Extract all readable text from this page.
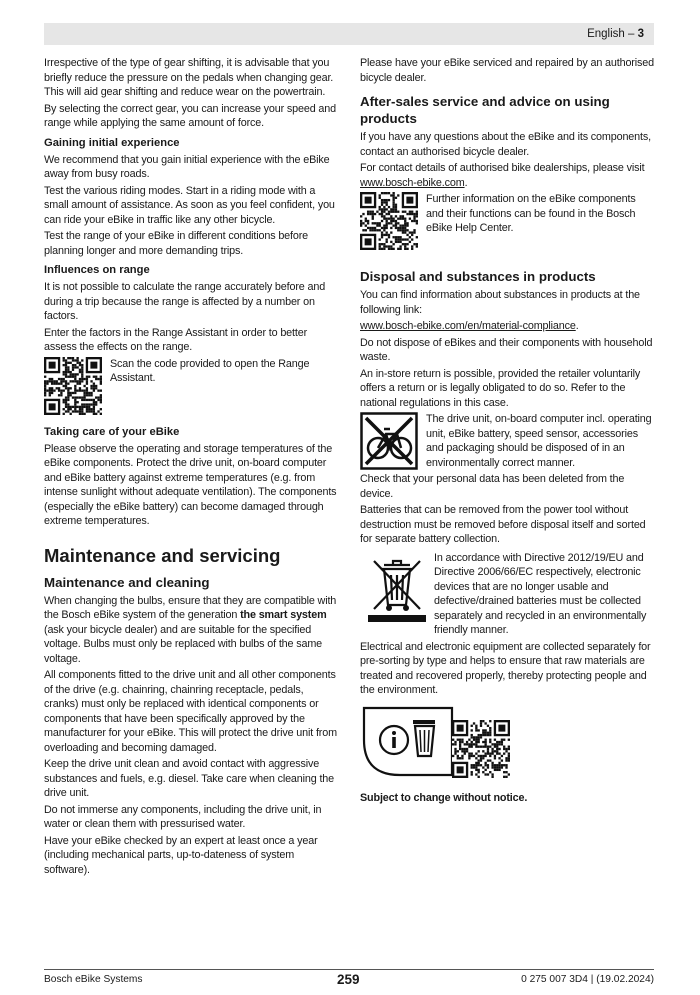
English – 3

Irrespective of the type of gear shifting, it is advisable that you briefly reduce the pressure on the pedals when changing gear. This will aid gear shifting and reduce wear on the powertrain.

By selecting the correct gear, you can increase your speed and range while applying the same amount of force.

Gaining initial experience

We recommend that you gain initial experience with the eBike away from busy roads.

Test the various riding modes. Start in a riding mode with a small amount of assistance. As soon as you feel confident, you can ride your eBike in traffic like any other bicycle.

Test the range of your eBike in different conditions before planning longer and more demanding trips.

Influences on range

It is not possible to calculate the range accurately before and during a trip because the range is affected by a number on factors.

Enter the factors in the Range Assistant in order to better assess the effects on the range.

Scan the code provided to open the Range Assistant.
Taking care of your eBike

Please observe the operating and storage temperatures of the eBike components. Protect the drive unit, on-board computer and eBike battery against extreme temperatures (e.g. from intense sunlight without adequate ventilation). The components (especially the eBike battery) can become damaged through extreme temperatures.

Maintenance and servicing
Maintenance and cleaning

When changing the bulbs, ensure that they are compatible with the Bosch eBike system of the generation the smart system (ask your bicycle dealer) and are suitable for the specified voltage. Bulbs must only be replaced with bulbs of the same voltage.

All components fitted to the drive unit and all other components of the drive (e.g. chainring, chainring receptacle, pedals, cranks) must only be replaced with identical components or components that have been specifically approved by the manufacturer for your eBike. This will protect the drive unit from overloading and becoming damaged.

Keep the drive unit clean and avoid contact with aggressive substances and fuels, e.g. diesel. Take care when cleaning the drive unit.

Do not immerse any components, including the drive unit, in water or clean them with pressurised water.

Have your eBike checked by an expert at least once a year (including mechanical parts, up-to-dateness of system software).

Please have your eBike serviced and repaired by an authorised bicycle dealer.

After-sales service and advice on using products

If you have any questions about the eBike and its components, contact an authorised bicycle dealer.

For contact details of authorised bike dealerships, please visit www.bosch-ebike.com.

Further information on the eBike components and their functions can be found in the Bosch eBike Help Center.
Disposal and substances in products

You can find information about substances in products at the following link:

www.bosch-ebike.com/en/material-compliance.

Do not dispose of eBikes and their components with household waste.

An in-store return is possible, provided the retailer voluntarily offers a return or is legally obligated to do so. Refer to the national regulations in this case.

The drive unit, on-board computer incl. operating unit, eBike battery, speed sensor, accessories and packaging should be disposed of in an environmentally correct manner.

Check that your personal data has been deleted from the device.

Batteries that can be removed from the power tool without destruction must be removed before disposal itself and sorted for separate battery collection.

In accordance with Directive 2012/19/EU and Directive 2006/66/EC respectively, electronic devices that are no longer usable and defective/drained batteries must be collected separately and recycled in an environmentally friendly manner.

Electrical and electronic equipment are collected separately for pre-sorting by type and helps to ensure that raw materials are treated and recovered properly, thereby protecting people and the environment.

Subject to change without notice.

Bosch eBike Systems	259	0 275 007 3D4 | (19.02.2024)
